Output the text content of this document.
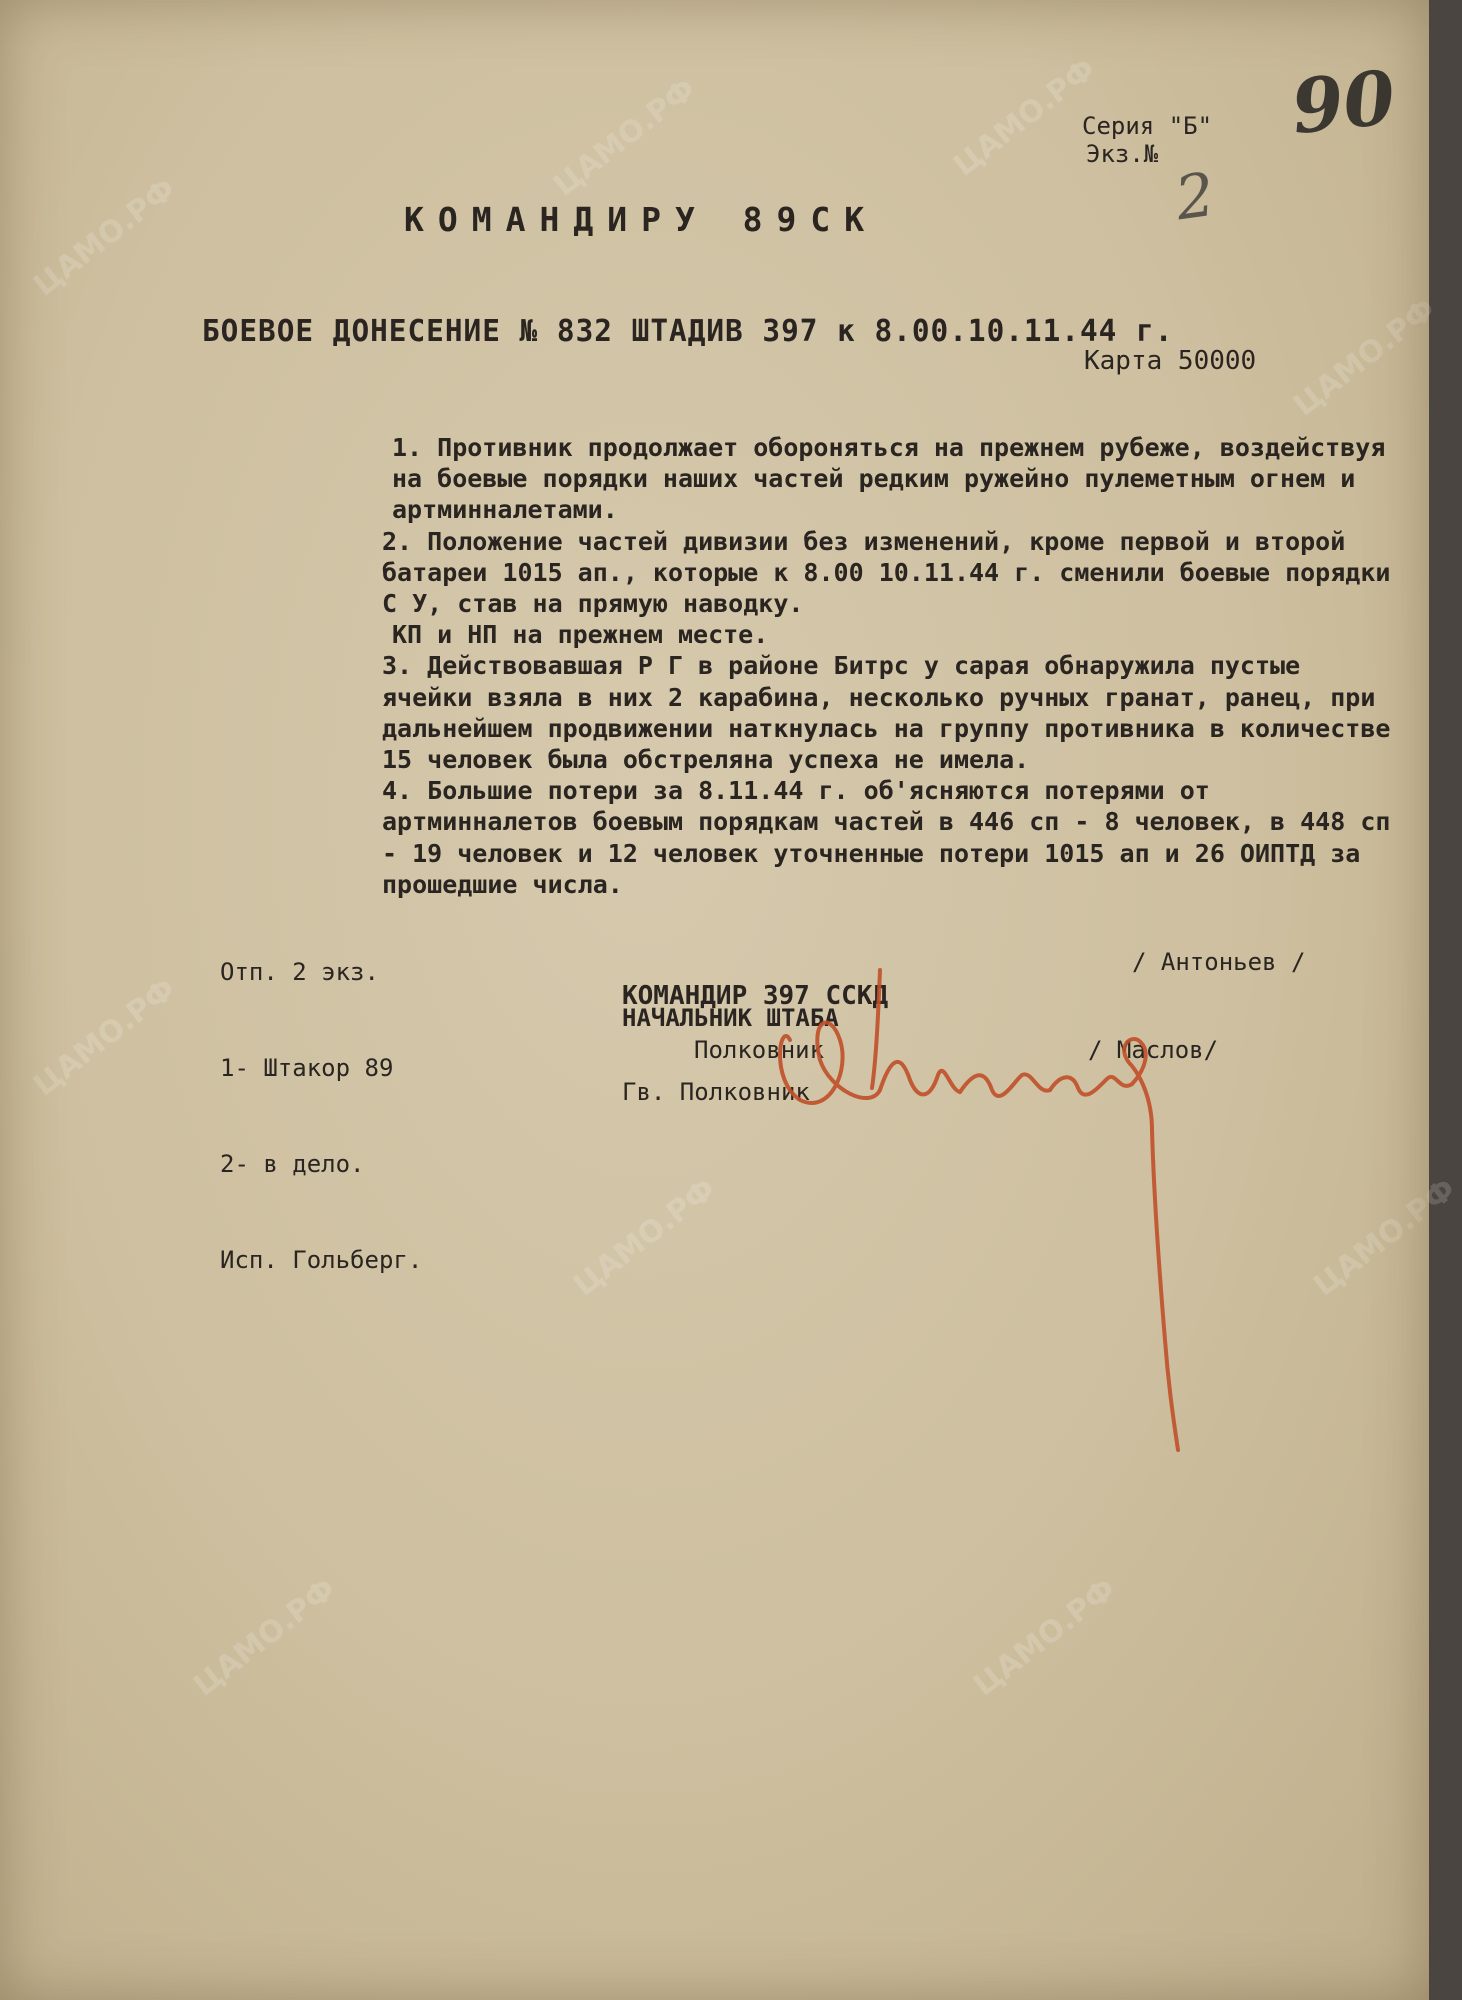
ЦАМО.РФ
ЦАМО.РФ	ЦАМО.РФ
ЦАМО.РФ
ЦАМО.РФ
ЦАМО.РФ
ЦАМО.РФ
ЦАМО.РФ
ЦАМО.РФ
90
2
Серия "Б"
Экз.№
КОМАНДИРУ 89СК
БОЕВОЕ ДОНЕСЕНИЕ № 832 ШТАДИВ 397 к 8.00.10.11.44 г.
Карта 50000

1. Противник продолжает обороняться на прежнем рубеже, воздействуя на боевые порядки наших частей редким ружейно пулеметным огнем и артминналетами.

2. Положение частей дивизии без изменений, кроме первой и второй батареи 1015 ап., которые к 8.00 10.11.44 г. сменили боевые порядки С У, став на прямую наводку.

КП и НП на прежнем месте.

3. Действовавшая Р Г в районе Битрс у сарая обнаружила пустые ячейки взяла в них 2 карабина, несколько ручных гранат, ранец, при дальнейшем продвижении наткнулась на группу противника в количестве 15 человек была обстреляна успеха не имела.

4. Большие потери за 8.11.44 г. об'ясняются потерями от артминналетов боевым порядкам частей в 446 сп - 8 человек, в 448 сп - 19 человек и 12 человек уточненные потери 1015 ап и 26 ОИПТД за прошедшие числа.

Отп. 2 экз.

1- Штакор 89

2- в дело.

Исп. Гольберг.

КОМАНДИР 397 ССКД

Гв. Полковник

/ Антоньев /
НАЧАЛЬНИК ШТАБА
Полковник	/ Маслов/
